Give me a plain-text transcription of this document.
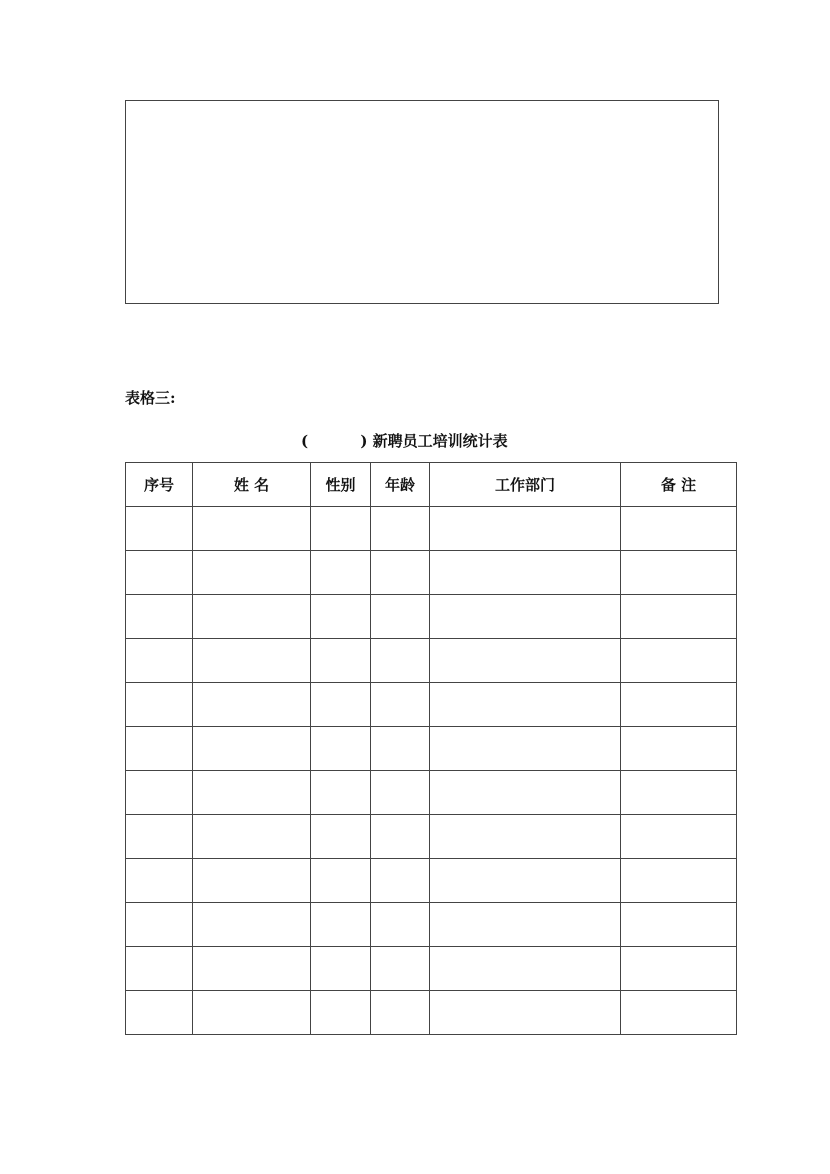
表格三:
(          ) 新聘员工培训统计表
序号	姓 名	性别	年龄	工作部门	备 注
